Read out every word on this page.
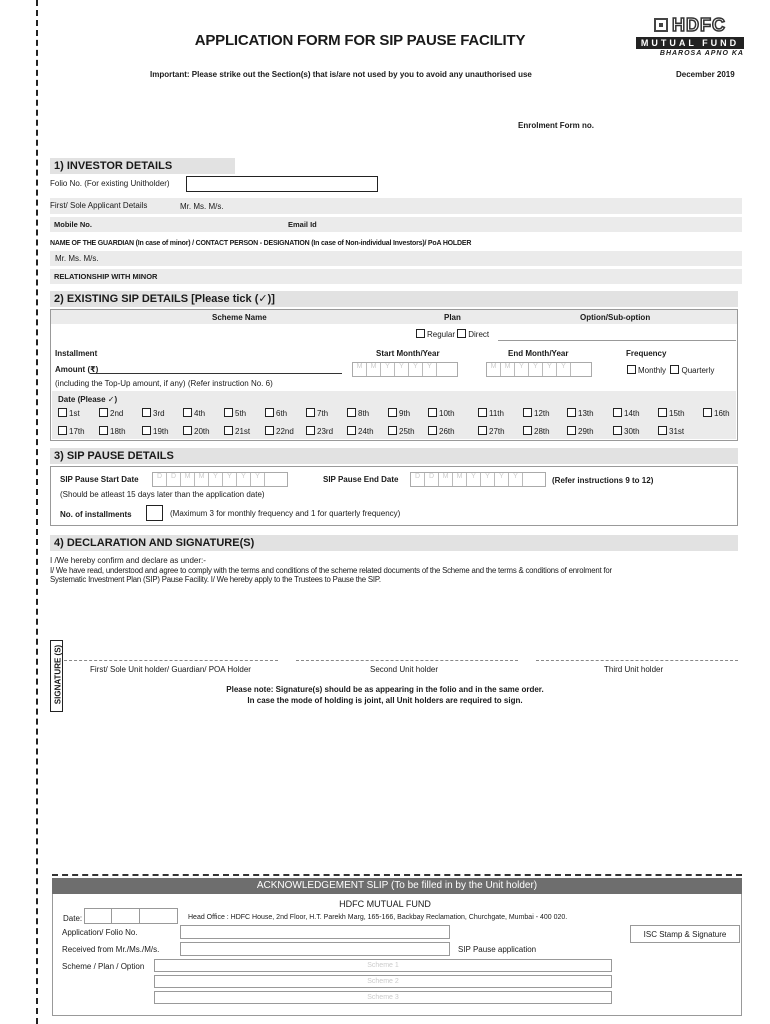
APPLICATION FORM FOR SIP PAUSE FACILITY
HDFC
MUTUAL FUND
BHAROSA APNO KA
Important: Please strike out the Section(s) that is/are not used by you to avoid any unauthorised use	December 2019
Enrolment Form no.
1) INVESTOR DETAILS
Folio No. (For existing Unitholder)
First/ Sole Applicant Details	Mr. Ms. M/s.
Mobile No.	Email Id
NAME OF THE GUARDIAN (In case of minor) / CONTACT PERSON - DESIGNATION (In case of Non-individual Investors)/ PoA HOLDER
Mr. Ms. M/s.
RELATIONSHIP WITH MINOR
2) EXISTING SIP DETAILS [Please tick (✓)]
Scheme Name	Plan	Option/Sub-option
Regular Direct
Installment
Amount (₹)
(including the Top-Up amount, if any) (Refer instruction No. 6)
Start Month/Year
M	M	Y	Y	Y	Y
End Month/Year
M	M	Y	Y	Y	Y
Frequency
Monthly Quarterly
Date (Please ✓)
1st	2nd	3rd	4th	5th	6th	7th	8th	9th	10th	11th	12th	13th	14th	15th	16th
17th	18th	19th	20th	21st	22nd	23rd	24th	25th	26th	27th	28th	29th	30th	31st
3) SIP PAUSE DETAILS
SIP Pause Start Date	D	D	M	M	Y	Y	Y	Y
(Should be atleast 15 days later than the application date)
SIP Pause End Date	D	D	M	M	Y	Y	Y	Y	(Refer instructions 9 to 12)
No. of installments	(Maximum 3 for monthly frequency and 1 for quarterly frequency)
4) DECLARATION AND SIGNATURE(S)
I /We hereby confirm and declare as under:-
I/ We have read, understood and agree to comply with the terms and conditions of the scheme related documents of the Scheme and the terms & conditions of enrolment for
Systematic Investment Plan (SIP) Pause Facility. I/ We hereby apply to the Trustees to Pause the SIP.
SIGNATURE (S)	First/ Sole Unit holder/ Guardian/ POA Holder	Second Unit holder	Third Unit holder
Please note: Signature(s) should be as appearing in the folio and in the same order.
In case the mode of holding is joint, all Unit holders are required to sign.
ACKNOWLEDGEMENT SLIP (To be filled in by the Unit holder)
HDFC MUTUAL FUND
Date:	Head Office : HDFC House, 2nd Floor, H.T. Parekh Marg, 165-166, Backbay Reclamation, Churchgate, Mumbai - 400 020.
Application/ Folio No.	ISC Stamp & Signature
Received from Mr./Ms./M/s.	SIP Pause application
Scheme / Plan / Option	Scheme 1
Scheme 2
Scheme 3
